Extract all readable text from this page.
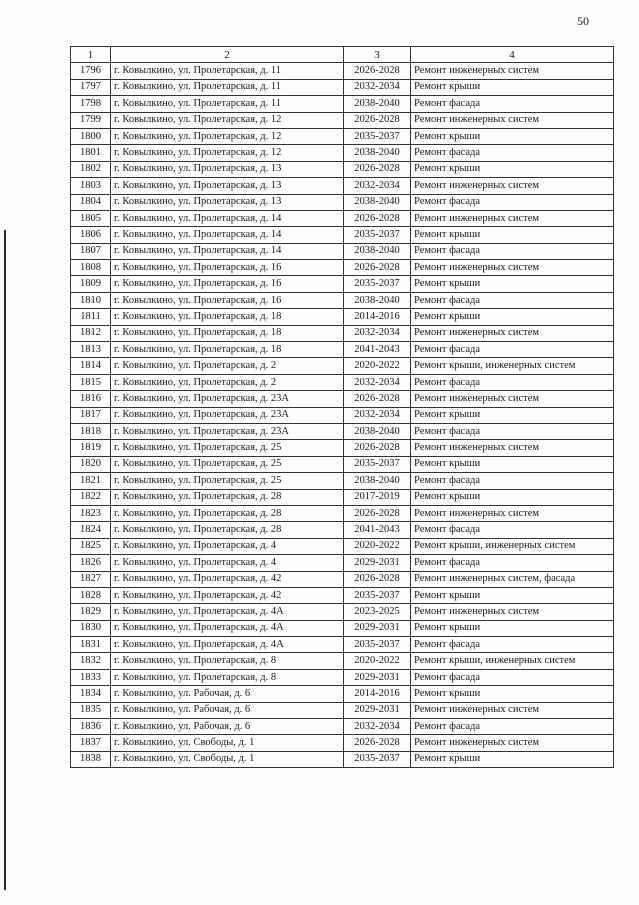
50
1	2	3	4
1796	г. Ковылкино, ул. Пролетарская, д. 11	2026-2028	Ремонт инженерных систем
1797	г. Ковылкино, ул. Пролетарская, д. 11	2032-2034	Ремонт крыши
1798	г. Ковылкино, ул. Пролетарская, д. 11	2038-2040	Ремонт фасада
1799	г. Ковылкино, ул. Пролетарская, д. 12	2026-2028	Ремонт инженерных систем
1800	г. Ковылкино, ул. Пролетарская, д. 12	2035-2037	Ремонт крыши
1801	г. Ковылкино, ул. Пролетарская, д. 12	2038-2040	Ремонт фасада
1802	г. Ковылкино, ул. Пролетарская, д. 13	2026-2028	Ремонт крыши
1803	г. Ковылкино, ул. Пролетарская, д. 13	2032-2034	Ремонт инженерных систем
1804	г. Ковылкино, ул. Пролетарская, д. 13	2038-2040	Ремонт фасада
1805	г. Ковылкино, ул. Пролетарская, д. 14	2026-2028	Ремонт инженерных систем
1806	г. Ковылкино, ул. Пролетарская, д. 14	2035-2037	Ремонт крыши
1807	г. Ковылкино, ул. Пролетарская, д. 14	2038-2040	Ремонт фасада
1808	г. Ковылкино, ул. Пролетарская, д. 16	2026-2028	Ремонт инженерных систем
1809	г. Ковылкино, ул. Пролетарская, д. 16	2035-2037	Ремонт крыши
1810	г. Ковылкино, ул. Пролетарская, д. 16	2038-2040	Ремонт фасада
1811	г. Ковылкино, ул. Пролетарская, д. 18	2014-2016	Ремонт крыши
1812	г. Ковылкино, ул. Пролетарская, д. 18	2032-2034	Ремонт инженерных систем
1813	г. Ковылкино, ул. Пролетарская, д. 18	2041-2043	Ремонт фасада
1814	г. Ковылкино, ул. Пролетарская, д. 2	2020-2022	Ремонт крыши, инженерных систем
1815	г. Ковылкино, ул. Пролетарская, д. 2	2032-2034	Ремонт фасада
1816	г. Ковылкино, ул. Пролетарская, д. 23А	2026-2028	Ремонт инженерных систем
1817	г. Ковылкино, ул. Пролетарская, д. 23А	2032-2034	Ремонт крыши
1818	г. Ковылкино, ул. Пролетарская, д. 23А	2038-2040	Ремонт фасада
1819	г. Ковылкино, ул. Пролетарская, д. 25	2026-2028	Ремонт инженерных систем
1820	г. Ковылкино, ул. Пролетарская, д. 25	2035-2037	Ремонт крыши
1821	г. Ковылкино, ул. Пролетарская, д. 25	2038-2040	Ремонт фасада
1822	г. Ковылкино, ул. Пролетарская, д. 28	2017-2019	Ремонт крыши
1823	г. Ковылкино, ул. Пролетарская, д. 28	2026-2028	Ремонт инженерных систем
1824	г. Ковылкино, ул. Пролетарская, д. 28	2041-2043	Ремонт фасада
1825	г. Ковылкино, ул. Пролетарская, д. 4	2020-2022	Ремонт крыши, инженерных систем
1826	г. Ковылкино, ул. Пролетарская, д. 4	2029-2031	Ремонт фасада
1827	г. Ковылкино, ул. Пролетарская, д. 42	2026-2028	Ремонт инженерных систем, фасада
1828	г. Ковылкино, ул. Пролетарская, д. 42	2035-2037	Ремонт крыши
1829	г. Ковылкино, ул. Пролетарская, д. 4А	2023-2025	Ремонт инженерных систем
1830	г. Ковылкино, ул. Пролетарская, д. 4А	2029-2031	Ремонт крыши
1831	г. Ковылкино, ул. Пролетарская, д. 4А	2035-2037	Ремонт фасада
1832	г. Ковылкино, ул. Пролетарская, д. 8	2020-2022	Ремонт крыши, инженерных систем
1833	г. Ковылкино, ул. Пролетарская, д. 8	2029-2031	Ремонт фасада
1834	г. Ковылкино, ул. Рабочая, д. 6	2014-2016	Ремонт крыши
1835	г. Ковылкино, ул. Рабочая, д. 6	2029-2031	Ремонт инженерных систем
1836	г. Ковылкино, ул. Рабочая, д. 6	2032-2034	Ремонт фасада
1837	г. Ковылкино, ул. Свободы, д. 1	2026-2028	Ремонт инженерных систем
1838	г. Ковылкино, ул. Свободы, д. 1	2035-2037	Ремонт крыши
